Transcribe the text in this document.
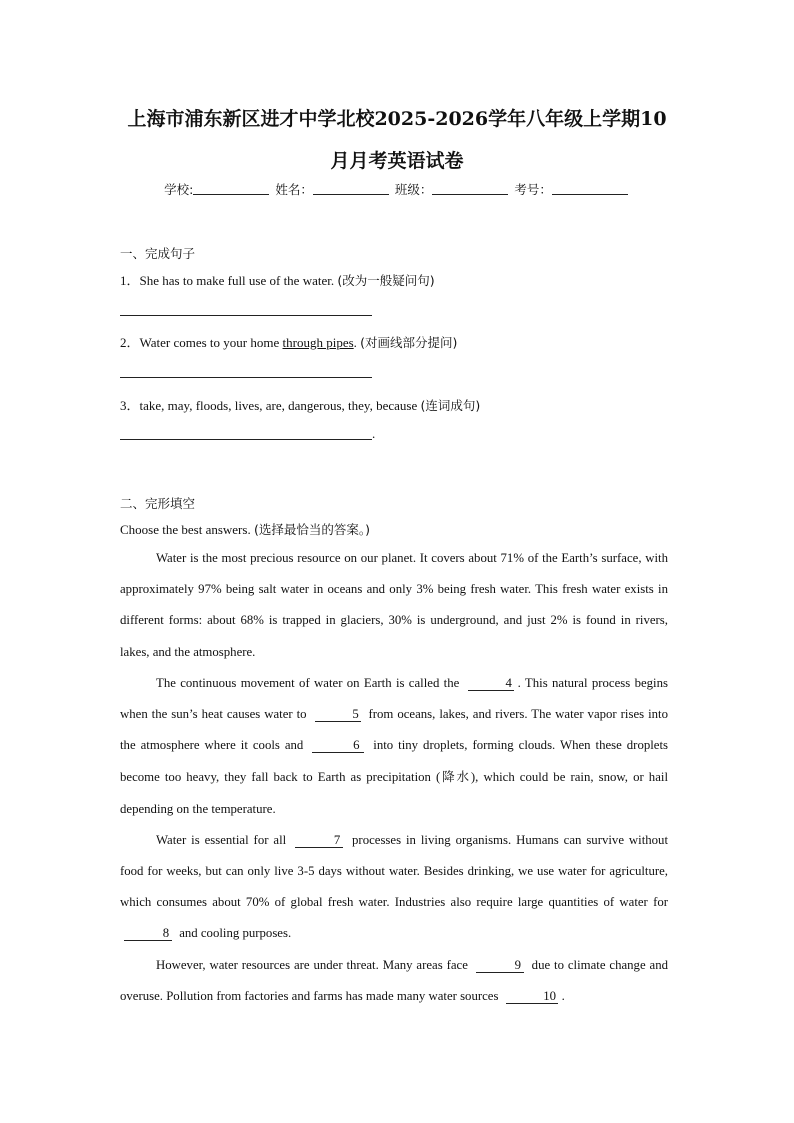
上海市浦东新区进才中学北校2025-2026学年八年级上学期10
月月考英语试卷
学校:	姓名：	班级：	考号：
一、完成句子
1．She has to make full use of the water. (改为一般疑问句)
2．Water comes to your home through pipes. (对画线部分提问)
3．take, may, floods, lives, are, dangerous, they, because (连词成句)
.
二、完形填空
Choose the best answers. (选择最恰当的答案。)

Water is the most precious resource on our planet. It covers about 71% of the Earth’s surface, with approximately 97% being salt water in oceans and only 3% being fresh water. This fresh water exists in different forms: about 68% is trapped in glaciers, 30% is underground, and just 2% is found in rivers, lakes, and the atmosphere.

The continuous movement of water on Earth is called the	4 . This natural process begins when the sun’s heat causes water to	5 from oceans, lakes, and rivers. The water vapor rises into the atmosphere where it cools and	6 into tiny droplets, forming clouds. When these droplets become too heavy, they fall back to Earth as precipitation (降水), which could be rain, snow, or hail depending on the temperature.

Water is essential for all	7 processes in living organisms. Humans can survive without food for weeks, but can only live 3-5 days without water. Besides drinking, we use water for agriculture, which consumes about 70% of global fresh water. Industries also require large quantities of water for 8 and cooling purposes.

However, water resources are under threat. Many areas face	9 due to climate change and overuse. Pollution from factories and farms has made many water sources	10 .
